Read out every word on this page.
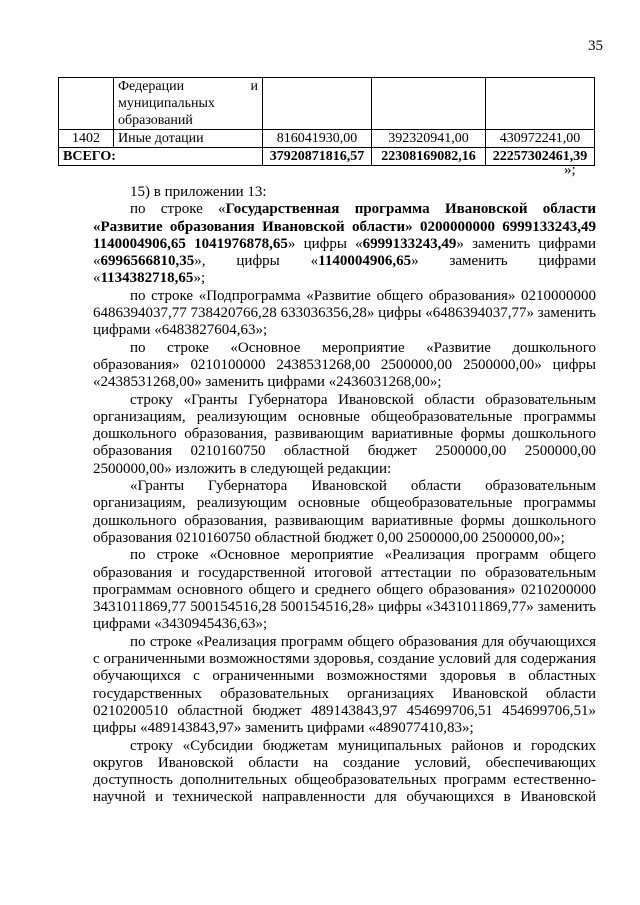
35

	Федерации и
муниципальных образований			
1402	Иные дотации	816041930,00	392320941,00	430972241,00
ВСЕГО:		37920871816,57	22308169082,16	22257302461,39
»;

15) в приложении 13:

по строке «Государственная программа Ивановской области «Развитие образования Ивановской области» 0200000000 6999133243,49 1140004906,65 1041976878,65» цифры «6999133243,49» заменить цифрами «6996566810,35», цифры «1140004906,65» заменить цифрами «1134382718,65»;

по строке «Подпрограмма «Развитие общего образования» 0210000000 6486394037,77 738420766,28 633036356,28» цифры «6486394037,77» заменить цифрами «6483827604,63»;

по строке «Основное мероприятие «Развитие дошкольного образования» 0210100000 2438531268,00 2500000,00 2500000,00» цифры «2438531268,00» заменить цифрами «2436031268,00»;

строку «Гранты Губернатора Ивановской области образовательным организациям, реализующим основные общеобразовательные программы дошкольного образования, развивающим вариативные формы дошкольного образования 0210160750 областной бюджет 2500000,00 2500000,00 2500000,00» изложить в следующей редакции:

«Гранты Губернатора Ивановской области образовательным организациям, реализующим основные общеобразовательные программы дошкольного образования, развивающим вариативные формы дошкольного образования 0210160750 областной бюджет 0,00 2500000,00 2500000,00»;

по строке «Основное мероприятие «Реализация программ общего образования и государственной итоговой аттестации по образовательным программам основного общего и среднего общего образования» 0210200000 3431011869,77 500154516,28 500154516,28» цифры «3431011869,77» заменить цифрами «3430945436,63»;

по строке «Реализация программ общего образования для обучающихся с ограниченными возможностями здоровья, создание условий для содержания обучающихся с ограниченными возможностями здоровья в областных государственных образовательных организациях Ивановской области 0210200510 областной бюджет 489143843,97 454699706,51 454699706,51» цифры «489143843,97» заменить цифрами «489077410,83»;

строку «Субсидии бюджетам муниципальных районов и городских округов Ивановской области на создание условий, обеспечивающих доступность дополнительных общеобразовательных программ естественно-научной и технической направленности для обучающихся в Ивановской
